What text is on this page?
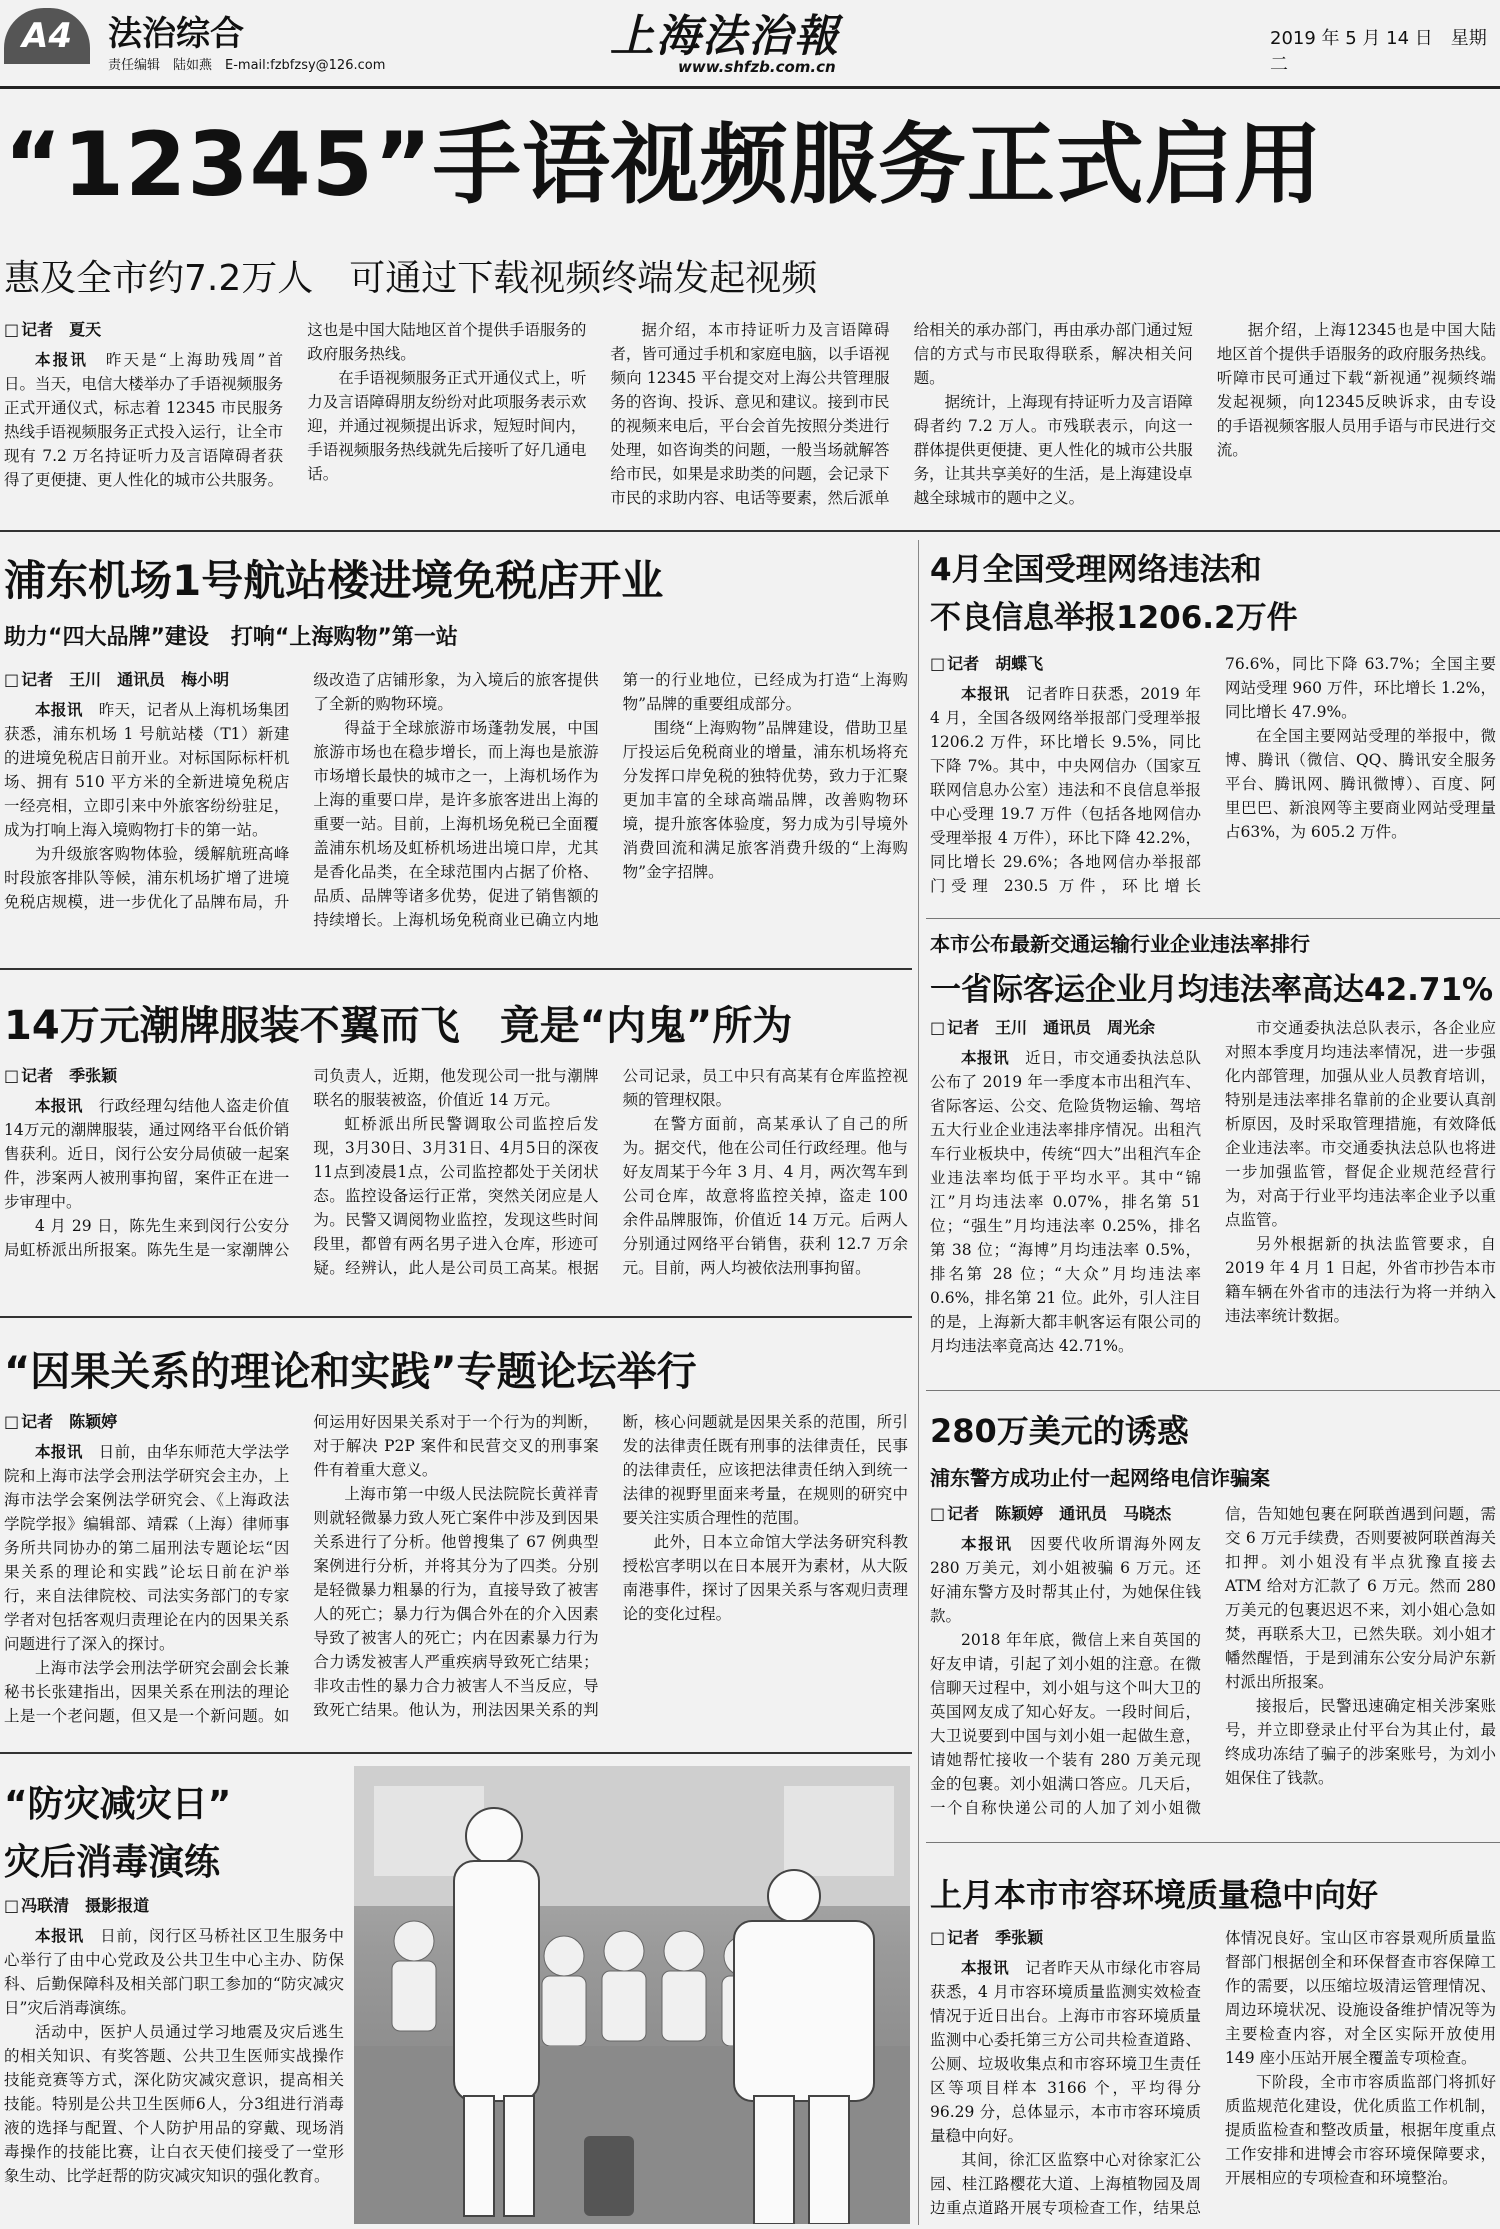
A4	法治综合
责任编辑　陆如燕　E-mail:fzbfzsy@126.com
上海法治報
www.shfzb.com.cn
2019 年 5 月 14 日　星期二
“12345”手语视频服务正式启用
惠及全市约7.2万人　可通过下载视频终端发起视频
□ 记者　夏天

本报讯　 昨天是“上海助残周”首日。当天，电信大楼举办了手语视频服务正式开通仪式，标志着 12345 市民服务热线手语视频服务正式投入运行，让全市现有 7.2 万名持证听力及言语障碍者获得了更便捷、更人性化的城市公共服务。这也是中国大陆地区首个提供手语服务的政府服务热线。

在手语视频服务正式开通仪式上，听力及言语障碍朋友纷纷对此项服务表示欢迎，并通过视频提出诉求，短短时间内，手语视频服务热线就先后接听了好几通电话。

据介绍，本市持证听力及言语障碍者，皆可通过手机和家庭电脑，以手语视频向 12345 平台提交对上海公共管理服务的咨询、投诉、意见和建议。接到市民的视频来电后，平台会首先按照分类进行处理，如咨询类的问题，一般当场就解答给市民，如果是求助类的问题，会记录下市民的求助内容、电话等要素，然后派单给相关的承办部门，再由承办部门通过短信的方式与市民取得联系，解决相关问题。

据统计，上海现有持证听力及言语障碍者约 7.2 万人。市残联表示，向这一群体提供更便捷、更人性化的城市公共服务，让其共享美好的生活，是上海建设卓越全球城市的题中之义。

据介绍，上海12345也是中国大陆地区首个提供手语服务的政府服务热线。听障市民可通过下载“新视通”视频终端发起视频，向12345反映诉求，由专设的手语视频客服人员用手语与市民进行交流。

浦东机场1号航站楼进境免税店开业
助力“四大品牌”建设　打响“上海购物”第一站
□ 记者　王川　通讯员　梅小明

本报讯　 昨天，记者从上海机场集团获悉，浦东机场 1 号航站楼（T1）新建的进境免税店日前开业。对标国际标杆机场、拥有 510 平方米的全新进境免税店一经亮相，立即引来中外旅客纷纷驻足，成为打响上海入境购物打卡的第一站。

为升级旅客购物体验，缓解航班高峰时段旅客排队等候，浦东机场扩增了进境免税店规模，进一步优化了品牌布局，升级改造了店铺形象，为入境后的旅客提供了全新的购物环境。

得益于全球旅游市场蓬勃发展，中国旅游市场也在稳步增长，而上海也是旅游市场增长最快的城市之一，上海机场作为上海的重要口岸，是许多旅客进出上海的重要一站。目前，上海机场免税已全面覆盖浦东机场及虹桥机场进出境口岸，尤其是香化品类，在全球范围内占据了价格、品质、品牌等诸多优势，促进了销售额的持续增长。上海机场免税商业已确立内地第一的行业地位，已经成为打造“上海购物”品牌的重要组成部分。

围绕“上海购物”品牌建设，借助卫星厅投运后免税商业的增量，浦东机场将充分发挥口岸免税的独特优势，致力于汇聚更加丰富的全球高端品牌，改善购物环境，提升旅客体验度，努力成为引导境外消费回流和满足旅客消费升级的“上海购物”金字招牌。

4月全国受理网络违法和
不良信息举报1206.2万件
□ 记者　胡蝶飞

本报讯　 记者昨日获悉，2019 年 4 月，全国各级网络举报部门受理举报 1206.2 万件，环比增长 9.5%，同比下降 7%。其中，中央网信办（国家互联网信息办公室）违法和不良信息举报中心受理 19.7 万件（包括各地网信办受理举报 4 万件），环比下降 42.2%，同比增长 29.6%；各地网信办举报部门受理 230.5 万件，环比增长 76.6%，同比下降 63.7%；全国主要网站受理 960 万件，环比增长 1.2%，同比增长 47.9%。

在全国主要网站受理的举报中，微博、腾讯（微信、QQ、腾讯安全服务平台、腾讯网、腾讯微博）、百度、阿里巴巴、新浪网等主要商业网站受理量占63%，为 605.2 万件。

14万元潮牌服装不翼而飞　竟是“内鬼”所为
□ 记者　季张颖

本报讯　 行政经理勾结他人盗走价值14万元的潮牌服装，通过网络平台低价销售获利。近日，闵行公安分局侦破一起案件，涉案两人被刑事拘留，案件正在进一步审理中。

4 月 29 日，陈先生来到闵行公安分局虹桥派出所报案。陈先生是一家潮牌公司负责人，近期，他发现公司一批与潮牌联名的服装被盗，价值近 14 万元。

虹桥派出所民警调取公司监控后发现，3月30日、3月31日、4月5日的深夜11点到凌晨1点，公司监控都处于关闭状态。监控设备运行正常，突然关闭应是人为。民警又调阅物业监控，发现这些时间段里，都曾有两名男子进入仓库，形迹可疑。经辨认，此人是公司员工高某。根据公司记录，员工中只有高某有仓库监控视频的管理权限。

在警方面前，高某承认了自己的所为。据交代，他在公司任行政经理。他与好友周某于今年 3 月、4 月，两次驾车到公司仓库，故意将监控关掉，盗走 100 余件品牌服饰，价值近 14 万元。后两人分别通过网络平台销售，获利 12.7 万余元。目前，两人均被依法刑事拘留。

本市公布最新交通运输行业企业违法率排行
一省际客运企业月均违法率高达42.71%
□ 记者　王川　通讯员　周光余

本报讯　 近日，市交通委执法总队公布了 2019 年一季度本市出租汽车、省际客运、公交、危险货物运输、驾培五大行业企业违法率排序情况。出租汽车行业板块中，传统“四大”出租汽车企业违法率均低于平均水平。其中“锦江”月均违法率 0.07%，排名第 51 位；“强生”月均违法率 0.25%，排名第 38 位；“海博”月均违法率 0.5%，排名第 28 位；“大众”月均违法率 0.6%，排名第 21 位。此外，引人注目的是，上海新大都丰帆客运有限公司的月均违法率竟高达 42.71%。

市交通委执法总队表示，各企业应对照本季度月均违法率情况，进一步强化内部管理，加强从业人员教育培训，特别是违法率排名靠前的企业要认真剖析原因，及时采取管理措施，有效降低企业违法率。市交通委执法总队也将进一步加强监管，督促企业规范经营行为，对高于行业平均违法率企业予以重点监管。

另外根据新的执法监管要求，自 2019 年 4 月 1 日起，外省市抄告本市籍车辆在外省市的违法行为将一并纳入违法率统计数据。

“因果关系的理论和实践”专题论坛举行
□ 记者　陈颖婷

本报讯　 日前，由华东师范大学法学院和上海市法学会刑法学研究会主办，上海市法学会案例法学研究会、《上海政法学院学报》编辑部、靖霖（上海）律师事务所共同协办的第二届刑法专题论坛“因果关系的理论和实践”论坛日前在沪举行，来自法律院校、司法实务部门的专家学者对包括客观归责理论在内的因果关系问题进行了深入的探讨。

上海市法学会刑法学研究会副会长兼秘书长张建指出，因果关系在刑法的理论上是一个老问题，但又是一个新问题。如何运用好因果关系对于一个行为的判断，对于解决 P2P 案件和民营交叉的刑事案件有着重大意义。

上海市第一中级人民法院院长黄祥青则就轻微暴力致人死亡案件中涉及到因果关系进行了分析。他曾搜集了 67 例典型案例进行分析，并将其分为了四类。分别是轻微暴力粗暴的行为，直接导致了被害人的死亡；暴力行为偶合外在的介入因素导致了被害人的死亡；内在因素暴力行为合力诱发被害人严重疾病导致死亡结果；非攻击性的暴力合力被害人不当反应，导致死亡结果。他认为，刑法因果关系的判断，核心问题就是因果关系的范围，所引发的法律责任既有刑事的法律责任，民事的法律责任，应该把法律责任纳入到统一法律的视野里面来考量，在规则的研究中要关注实质合理性的范围。

此外，日本立命馆大学法务研究科教授松宫孝明以在日本展开为素材，从大阪南港事件，探讨了因果关系与客观归责理论的变化过程。

280万美元的诱惑
浦东警方成功止付一起网络电信诈骗案
□ 记者　陈颖婷　通讯员　马晓杰

本报讯　 因要代收所谓海外网友 280 万美元，刘小姐被骗 6 万元。还好浦东警方及时帮其止付，为她保住钱款。

2018 年年底，微信上来自英国的好友申请，引起了刘小姐的注意。在微信聊天过程中，刘小姐与这个叫大卫的英国网友成了知心好友。一段时间后，大卫说要到中国与刘小姐一起做生意，请她帮忙接收一个装有 280 万美元现金的包裹。刘小姐满口答应。几天后，一个自称快递公司的人加了刘小姐微信，告知她包裹在阿联酋遇到问题，需交 6 万元手续费，否则要被阿联酋海关扣押。刘小姐没有半点犹豫直接去 ATM 给对方汇款了 6 万元。然而 280 万美元的包裹迟迟不来，刘小姐心急如焚，再联系大卫，已然失联。刘小姐才幡然醒悟，于是到浦东公安分局沪东新村派出所报案。

接报后，民警迅速确定相关涉案账号，并立即登录止付平台为其止付，最终成功冻结了骗子的涉案账号，为刘小姐保住了钱款。

“防灾减灾日”
灾后消毒演练
□ 冯联清　摄影报道

本报讯　 日前，闵行区马桥社区卫生服务中心举行了由中心党政及公共卫生中心主办、防保科、后勤保障科及相关部门职工参加的“防灾减灾日”灾后消毒演练。

活动中，医护人员通过学习地震及灾后逃生的相关知识、有奖答题、公共卫生医师实战操作技能竞赛等方式，深化防灾减灾意识，提高相关技能。特别是公共卫生医师6人，分3组进行消毒液的选择与配置、个人防护用品的穿戴、现场消毒操作的技能比赛，让白衣天使们接受了一堂形象生动、比学赶帮的防灾减灾知识的强化教育。

上月本市市容环境质量稳中向好
□ 记者　季张颖

本报讯　 记者昨天从市绿化市容局获悉，4 月市容环境质量监测实效检查情况于近日出台。上海市市容环境质量监测中心委托第三方公司共检查道路、公厕、垃圾收集点和市容环境卫生责任区等项目样本 3166 个，平均得分 96.29 分，总体显示，本市市容环境质量稳中向好。

其间，徐汇区监察中心对徐家汇公园、桂江路樱花大道、上海植物园及周边重点道路开展专项检查工作，结果总体情况良好。宝山区市容景观所质量监督部门根据创全和环保督查市容保障工作的需要，以压缩垃圾清运管理情况、周边环境状况、设施设备维护情况等为主要检查内容，对全区实际开放使用 149 座小压站开展全覆盖专项检查。

下阶段，全市市容质监部门将抓好质监规范化建设，优化质监工作机制，提质监检查和整改质量，根据年度重点工作安排和进博会市容环境保障要求，开展相应的专项检查和环境整治。
